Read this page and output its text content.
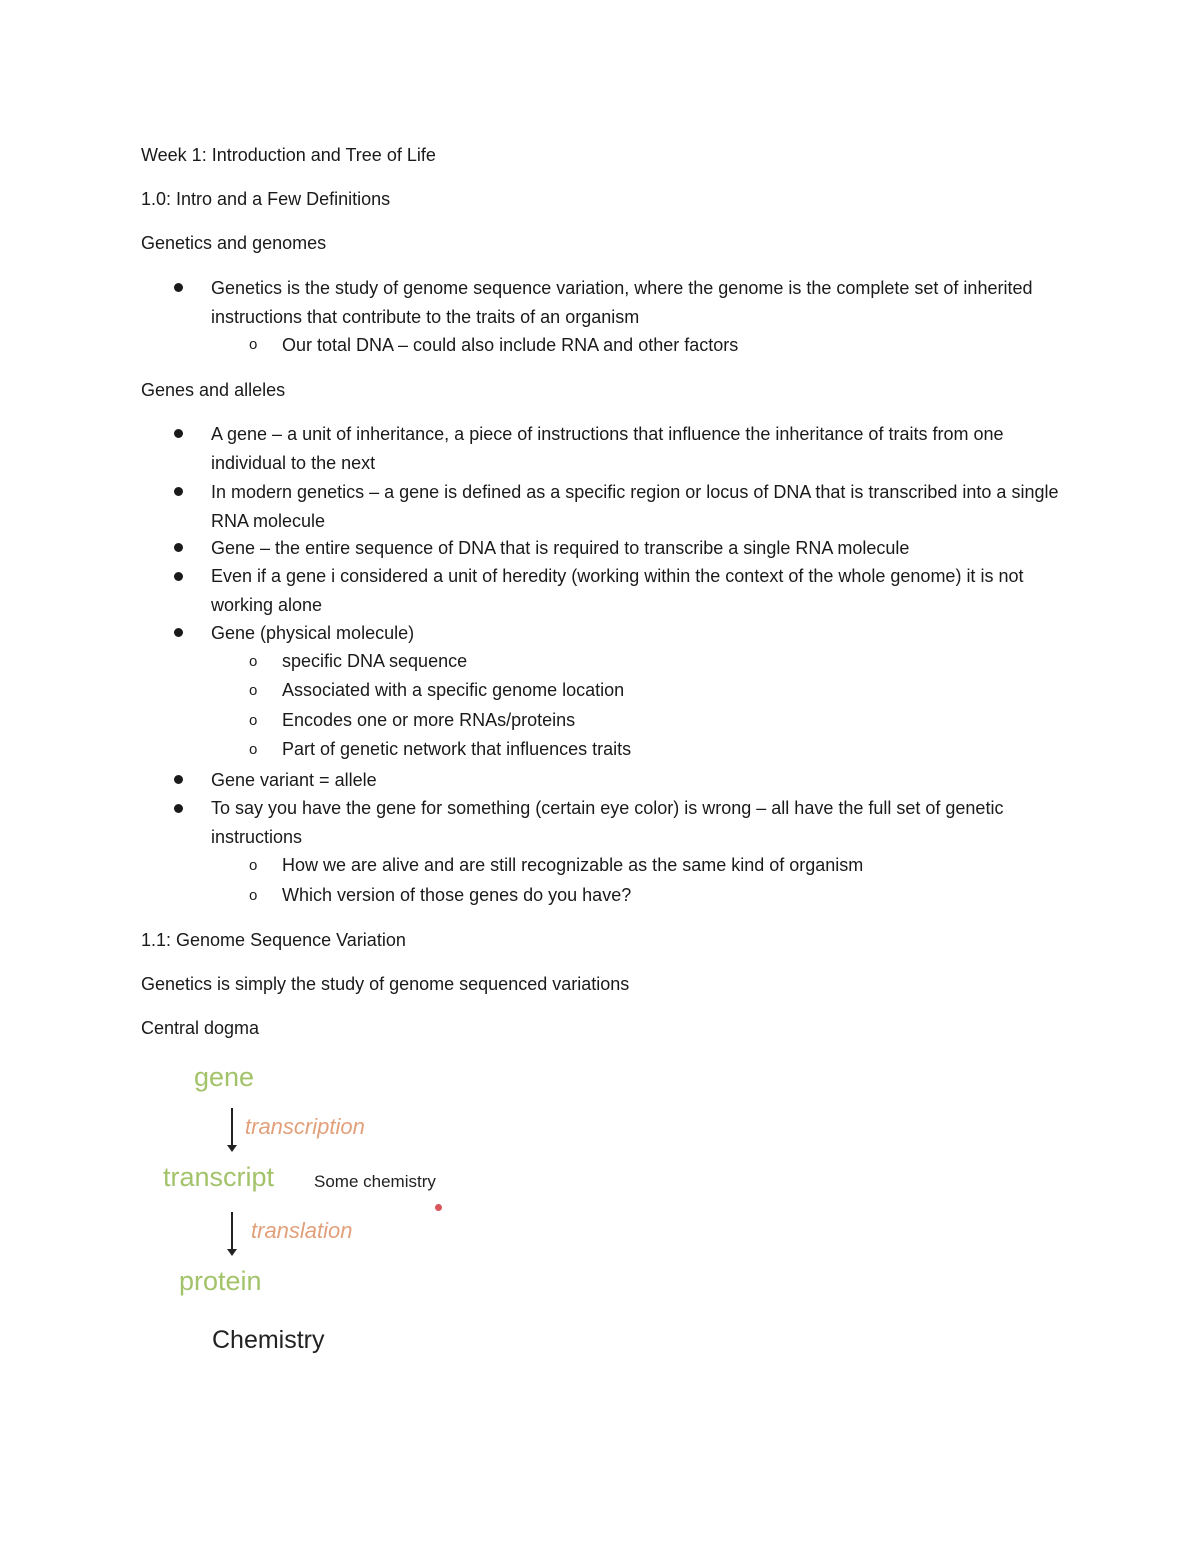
Week 1: Introduction and Tree of Life
1.0: Intro and a Few Definitions
Genetics and genomes
Genetics is the study of genome sequence variation, where the genome is the complete set of inherited instructions that contribute to the traits of an organism
o Our total DNA – could also include RNA and other factors
Genes and alleles
A gene – a unit of inheritance, a piece of instructions that influence the inheritance of traits from one individual to the next
In modern genetics – a gene is defined as a specific region or locus of DNA that is transcribed into a single RNA molecule
Gene – the entire sequence of DNA that is required to transcribe a single RNA molecule
Even if a gene i considered a unit of heredity (working within the context of the whole genome) it is not working alone
Gene (physical molecule)
o specific DNA sequence
o Associated with a specific genome location
o Encodes one or more RNAs/proteins
o Part of genetic network that influences traits
Gene variant = allele
To say you have the gene for something (certain eye color) is wrong – all have the full set of genetic instructions
o How we are alive and are still recognizable as the same kind of organism
o Which version of those genes do you have?
1.1: Genome Sequence Variation
Genetics is simply the study of genome sequenced variations
Central dogma
gene
transcription
transcript Some chemistry
translation
protein
Chemistry
